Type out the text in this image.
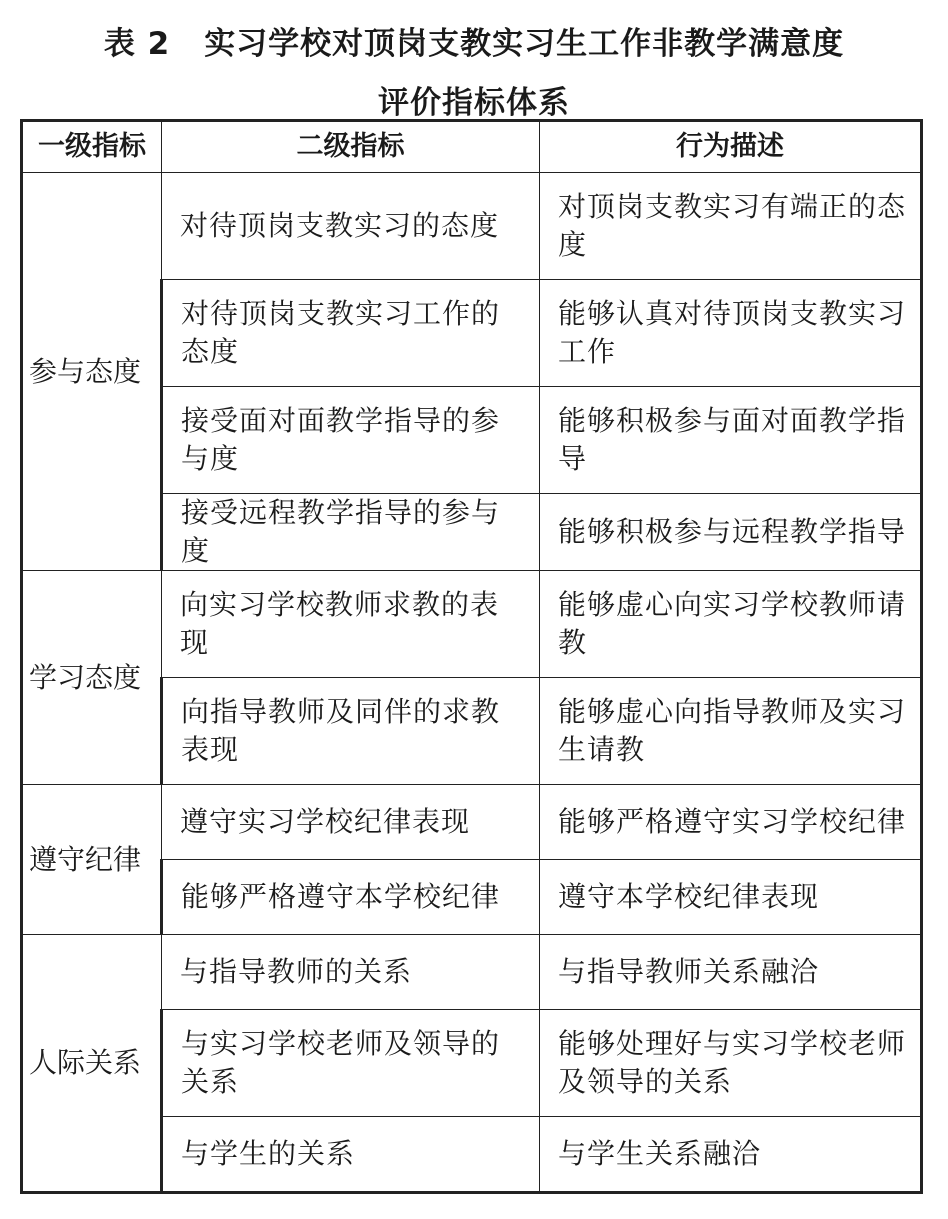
表 2 实习学校对顶岗支教实习生工作非教学满意度
评价指标体系
一级指标	二级指标	行为描述
参与态度	对待顶岗支教实习的态度	对顶岗支教实习有端正的态度
	对待顶岗支教实习工作的态度	能够认真对待顶岗支教实习工作
	接受面对面教学指导的参与度	能够积极参与面对面教学指导
	接受远程教学指导的参与度	能够积极参与远程教学指导
学习态度	向实习学校教师求教的表现	能够虚心向实习学校教师请教
	向指导教师及同伴的求教表现	能够虚心向指导教师及实习生请教
遵守纪律	遵守实习学校纪律表现	能够严格遵守实习学校纪律
	能够严格遵守本学校纪律	遵守本学校纪律表现
人际关系	与指导教师的关系	与指导教师关系融洽
	与实习学校老师及领导的关系	能够处理好与实习学校老师及领导的关系
	与学生的关系	与学生关系融洽
